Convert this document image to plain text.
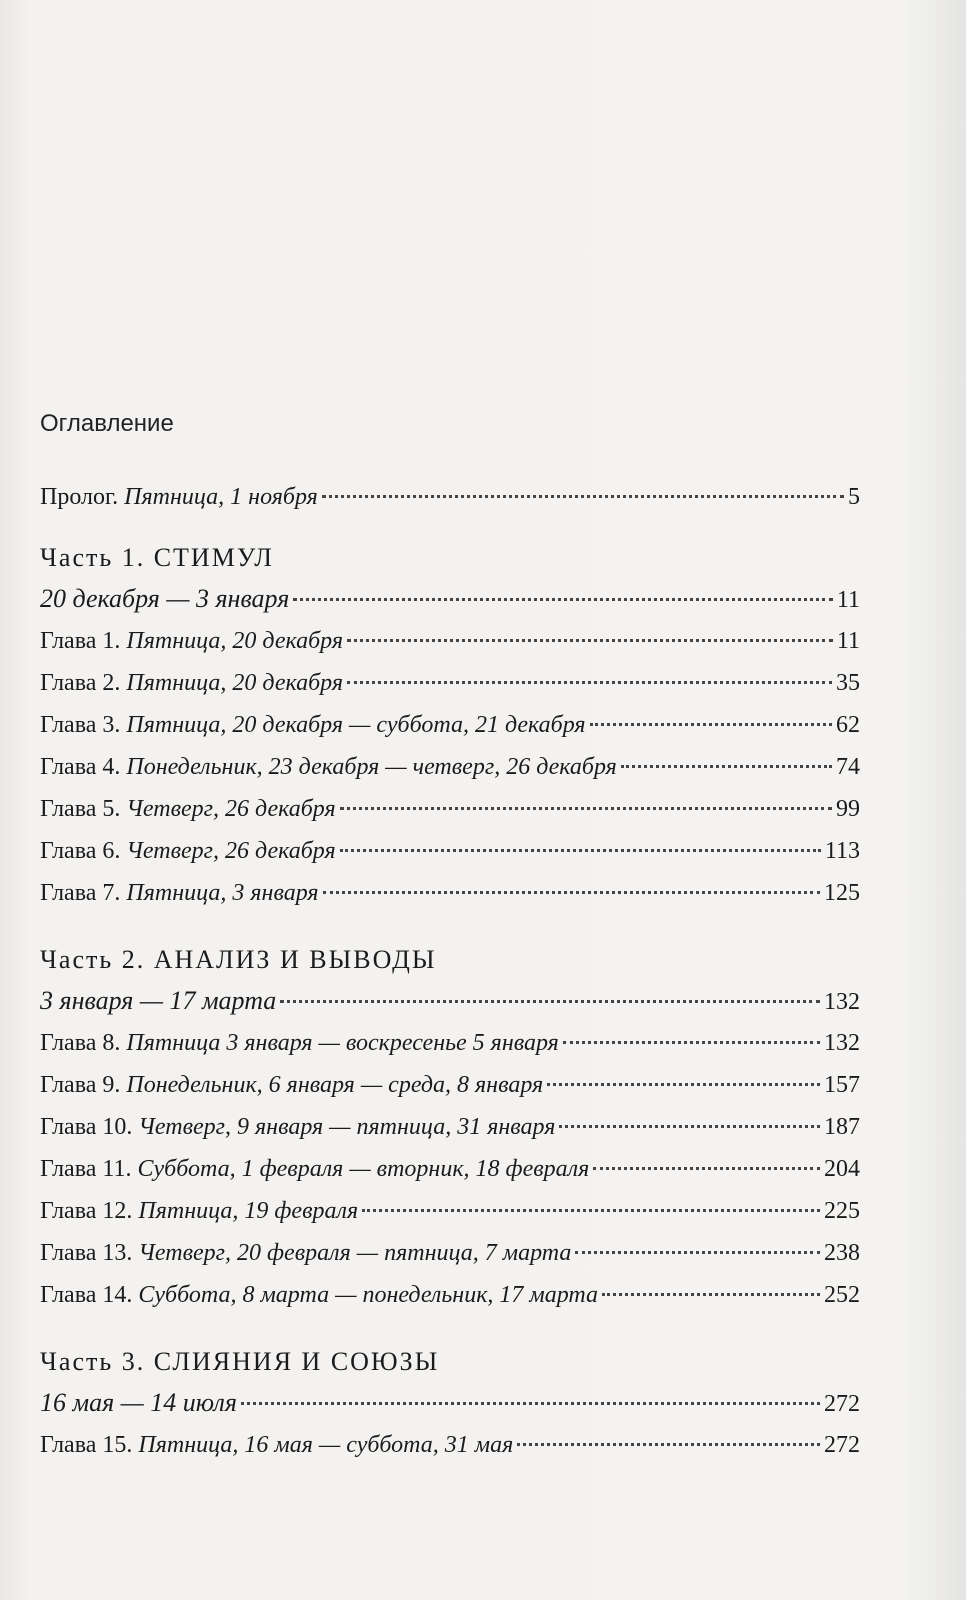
Оглавление
Пролог. Пятница, 1 ноября	5
Часть 1. СТИМУЛ
20 декабря — 3 января	11
Глава 1. Пятница, 20 декабря	11
Глава 2. Пятница, 20 декабря	35
Глава 3. Пятница, 20 декабря — суббота, 21 декабря	62
Глава 4. Понедельник, 23 декабря — четверг, 26 декабря	74
Глава 5. Четверг, 26 декабря	99
Глава 6. Четверг, 26 декабря	113
Глава 7. Пятница, 3 января	125
Часть 2. АНАЛИЗ И ВЫВОДЫ
3 января — 17 марта	132
Глава 8. Пятница 3 января — воскресенье 5 января	132
Глава 9. Понедельник, 6 января — среда, 8 января	157
Глава 10. Четверг, 9 января — пятница, 31 января	187
Глава 11. Суббота, 1 февраля — вторник, 18 февраля	204
Глава 12. Пятница, 19 февраля	225
Глава 13. Четверг, 20 февраля — пятница, 7 марта	238
Глава 14. Суббота, 8 марта — понедельник, 17 марта	252
Часть 3. СЛИЯНИЯ И СОЮЗЫ
16 мая — 14 июля	272
Глава 15. Пятница, 16 мая — суббота, 31 мая	272
